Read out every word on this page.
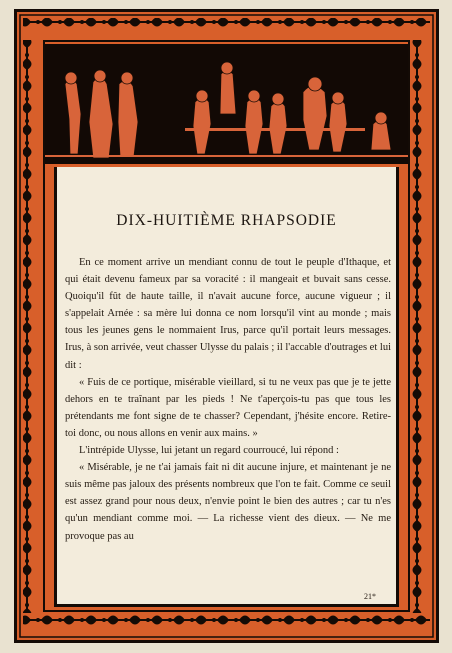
DIX-HUITIÈME RHAPSODIE

En ce moment arrive un mendiant connu de tout le peuple d'Ithaque, et qui était devenu fameux par sa voracité : il mangeait et buvait sans cesse. Quoiqu'il fût de haute taille, il n'avait aucune force, aucune vigueur ; il s'appelait Arnée : sa mère lui donna ce nom lorsqu'il vint au monde ; mais tous les jeunes gens le nommaient Irus, parce qu'il portait leurs messages. Irus, à son arrivée, veut chasser Ulysse du palais ; il l'accable d'outrages et lui dit :

« Fuis de ce portique, misérable vieillard, si tu ne veux pas que je te jette dehors en te traînant par les pieds ! Ne t'aperçois-tu pas que tous les prétendants me font signe de te chasser? Cependant, j'hésite encore. Retire-toi donc, ou nous allons en venir aux mains. »

L'intrépide Ulysse, lui jetant un regard courroucé, lui répond :

« Misérable, je ne t'ai jamais fait ni dit aucune injure, et maintenant je ne suis même pas jaloux des présents nombreux que l'on te fait. Comme ce seuil est assez grand pour nous deux, n'envie point le bien des autres ; car tu n'es qu'un mendiant comme moi. — La richesse vient des dieux. — Ne me provoque pas au

21*
